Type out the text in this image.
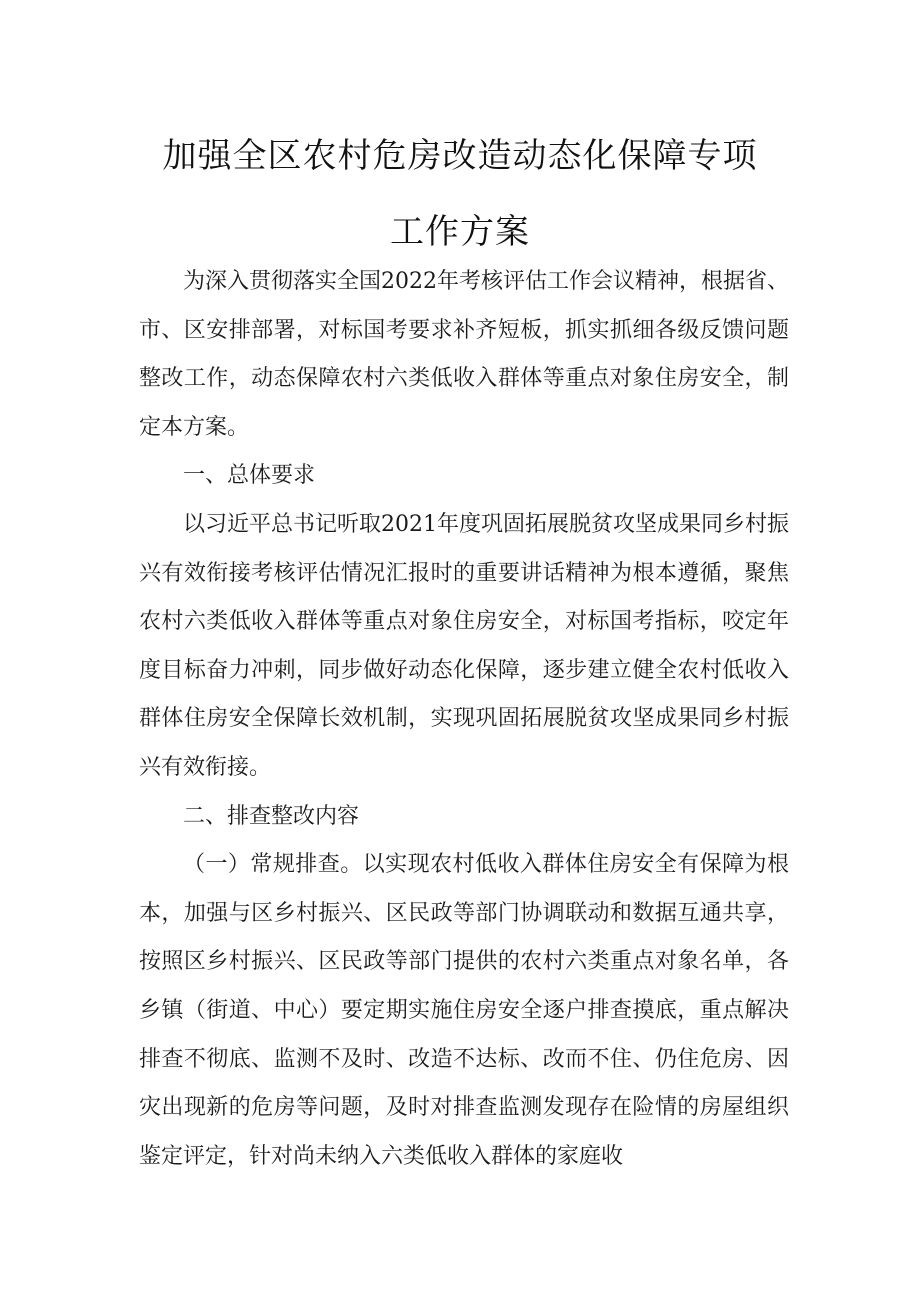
加强全区农村危房改造动态化保障专项
工作方案

为深入贯彻落实全国2022年考核评估工作会议精神，根据省、市、区安排部署，对标国考要求补齐短板，抓实抓细各级反馈问题整改工作，动态保障农村六类低收入群体等重点对象住房安全，制定本方案。

一、总体要求

以习近平总书记听取2021年度巩固拓展脱贫攻坚成果同乡村振兴有效衔接考核评估情况汇报时的重要讲话精神为根本遵循，聚焦农村六类低收入群体等重点对象住房安全，对标国考指标，咬定年度目标奋力冲刺，同步做好动态化保障，逐步建立健全农村低收入群体住房安全保障长效机制，实现巩固拓展脱贫攻坚成果同乡村振兴有效衔接。

二、排查整改内容

（一）常规排查。以实现农村低收入群体住房安全有保障为根本，加强与区乡村振兴、区民政等部门协调联动和数据互通共享，按照区乡村振兴、区民政等部门提供的农村六类重点对象名单，各乡镇（街道、中心）要定期实施住房安全逐户排查摸底，重点解决排查不彻底、监测不及时、改造不达标、改而不住、仍住危房、因灾出现新的危房等问题，及时对排查监测发现存在险情的房屋组织鉴定评定，针对尚未纳入六类低收入群体的家庭收
